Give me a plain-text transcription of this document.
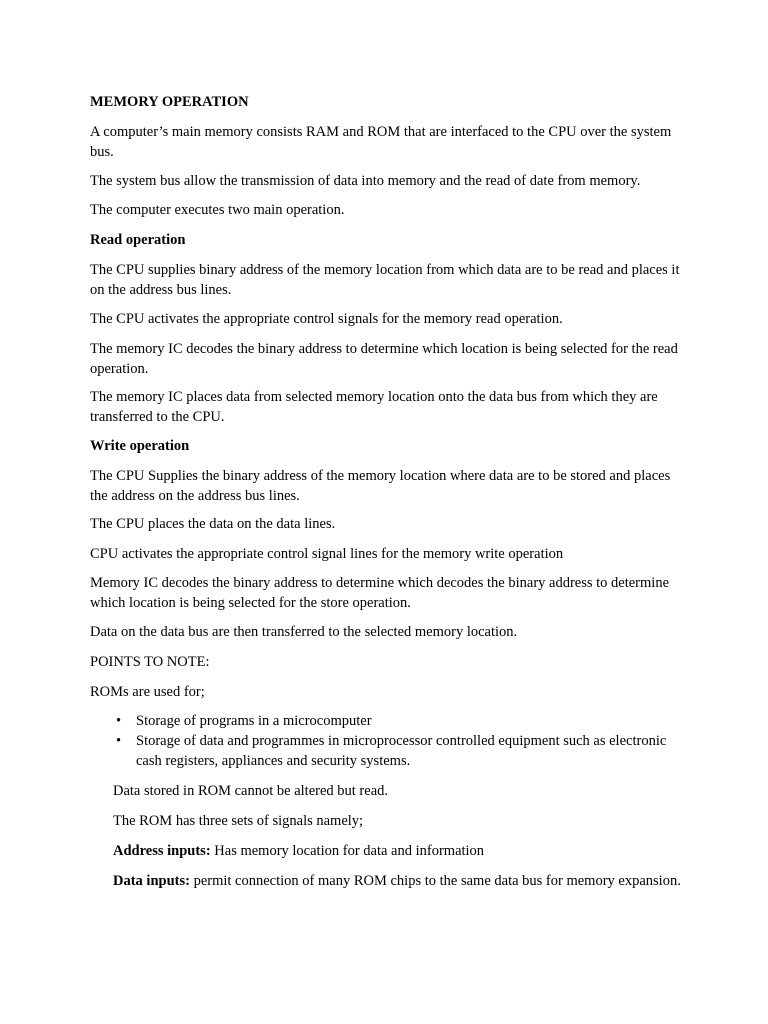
MEMORY OPERATION

A computer’s main memory consists RAM and ROM that are interfaced to the CPU over the system bus.

The system bus allow the transmission of data into memory and the read of date from memory.

The computer executes two main operation.

Read operation

The CPU supplies binary address of the memory location from which data are to be read and places it on the address bus lines.

The CPU activates the appropriate control signals for the memory read operation.

The memory IC decodes the binary address to determine which location is being selected for the read operation.

The memory IC places data from selected memory location onto the data bus from which they are transferred to the CPU.

Write operation

The CPU Supplies the binary address of the memory location where data are to be stored and places the address on the address bus lines.

The CPU places the data on the data lines.

CPU activates the appropriate control signal lines for the memory write operation

Memory IC decodes the binary address to determine which decodes the binary address to determine which location is being selected for the store operation.

Data on the data bus are then transferred to the selected memory location.

POINTS TO NOTE:

ROMs are used for;

•	Storage of programs in a microcomputer
•	Storage of data and programmes in microprocessor controlled equipment such as electronic cash registers, appliances and security systems.

Data stored in ROM cannot be altered but read.

The ROM has three sets of signals namely;

Address inputs: Has memory location for data and information

Data inputs: permit connection of many ROM chips to the same data bus for memory expansion.
